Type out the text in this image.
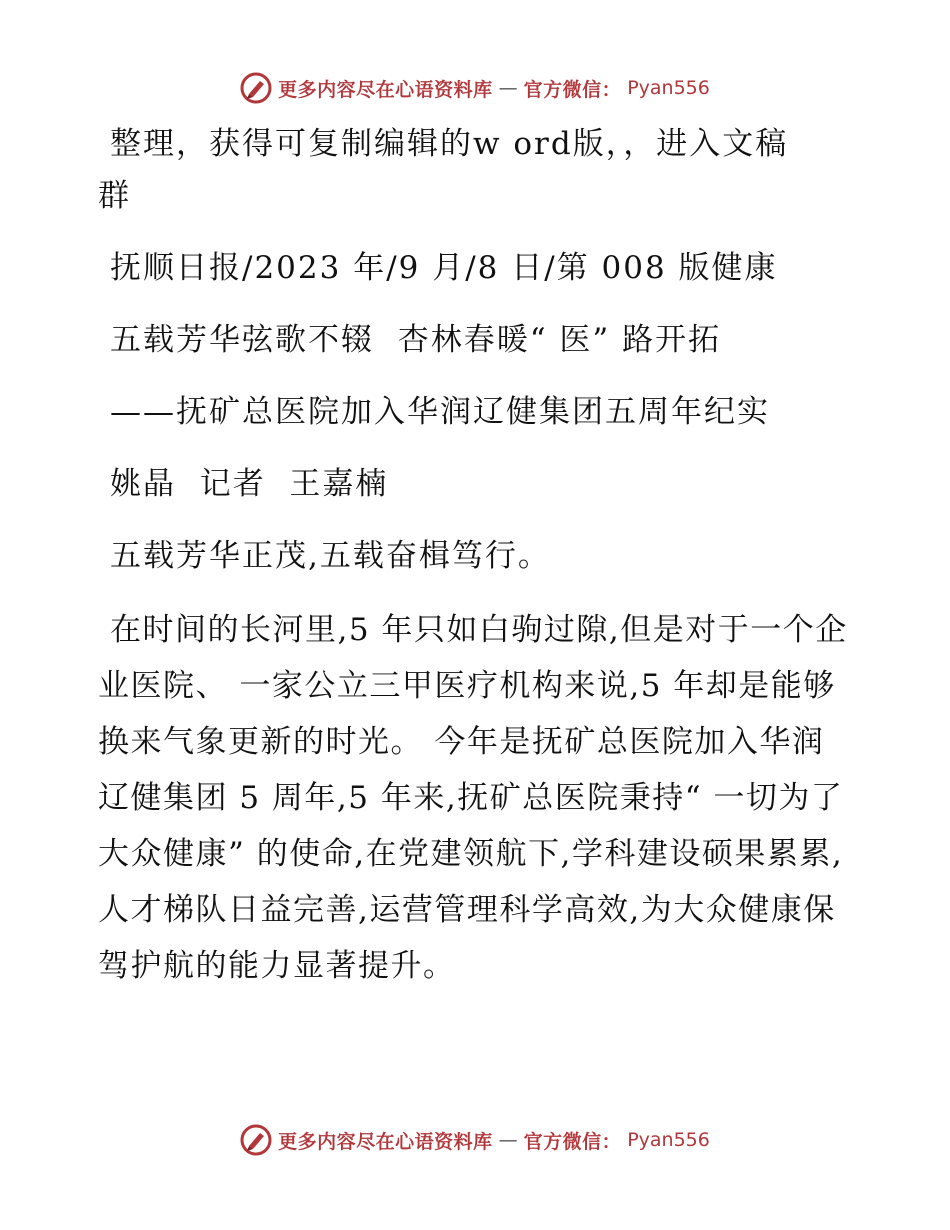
更多内容尽在心语资料库 — 官方微信： Pyan556
整理，获得可复制编辑的w ord版，，进入文稿
群
抚顺日报/2023 年/9 月/8 日/第 008 版健康
五载芳华弦歌不辍  杏林春暖“ 医” 路开拓
——抚矿总医院加入华润辽健集团五周年纪实
姚晶  记者  王嘉楠
五载芳华正茂,五载奋楫笃行。
在时间的长河里,5 年只如白驹过隙,但是对于一个企业医院、 一家公立三甲医疗机构来说,5 年却是能够换来气象更新的时光。 今年是抚矿总医院加入华润辽健集团 5 周年,5 年来,抚矿总医院秉持“ 一切为了大众健康” 的使命,在党建领航下,学科建设硕果累累,人才梯队日益完善,运营管理科学高效,为大众健康保驾护航的能力显著提升。
更多内容尽在心语资料库 — 官方微信： Pyan556
